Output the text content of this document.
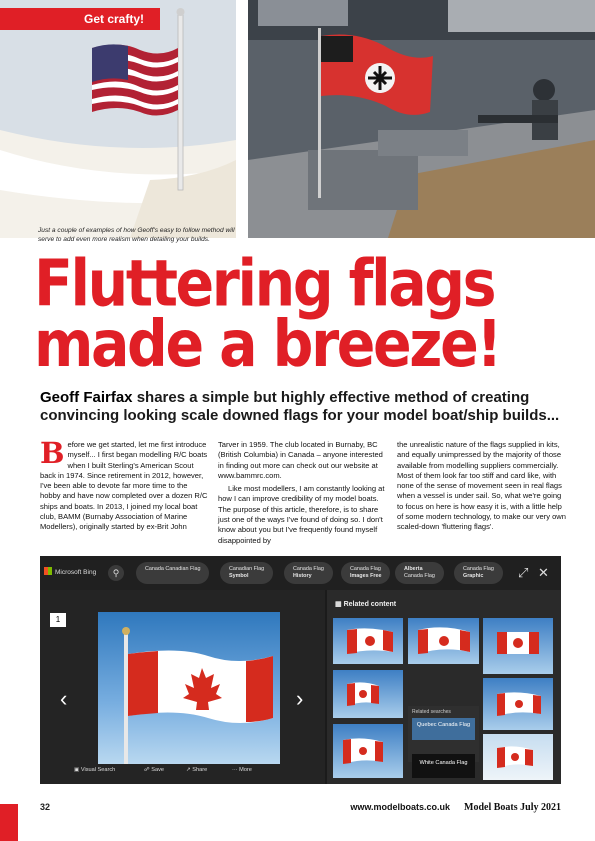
Get crafty!
Just a couple of examples of how Geoff's easy to follow method will serve to add even more realism when detailing your builds.
Fluttering flags
made a breeze!
Geoff Fairfax shares a simple but highly effective method of creating convincing looking scale downed flags for your model boat/ship builds...

Before we get started, let me first introduce myself... I first began modelling R/C boats when I built Sterling's American Scout back in 1974. Since retirement in 2012, however, I've been able to devote far more time to the hobby and have now completed over a dozen R/C ships and boats. In 2013, I joined my local boat club, BAMM (Burnaby Association of Marine Modellers), originally started by ex-Brit John

Tarver in 1959. The club located in Burnaby, BC (British Columbia) in Canada – anyone interested in finding out more can check out our website at www.bammrc.com.

Like most modellers, I am constantly looking at how I can improve credibility of my model boats. The purpose of this article, therefore, is to share just one of the ways I've found of doing so. I don't know about you but I've frequently found myself disappointed by

the unrealistic nature of the flags supplied in kits, and equally unimpressed by the majority of those available from modelling suppliers commercially. Most of them look far too stiff and card like, with none of the sense of movement seen in real flags when a vessel is under sail. So, what we're going to focus on here is how easy it is, with a little help of some modern technology, to make our very own scaled-down 'fluttering flags'.

Microsoft Bing	⚲	Canada Canadian Flag	Canadian Flag
Symbol
Canada Flag
History
Canada Flag
Images Free
Alberta
Canada Flag
Canada Flag
Graphic	⤢ ✕
1
‹	›
▣ Visual Search	☍ Save	↗ Share	··· More
▦ Related content
Related searches
Quebec Canada Flag
White Canada Flag
32	www.modelboats.co.uk Model Boats July 2021
